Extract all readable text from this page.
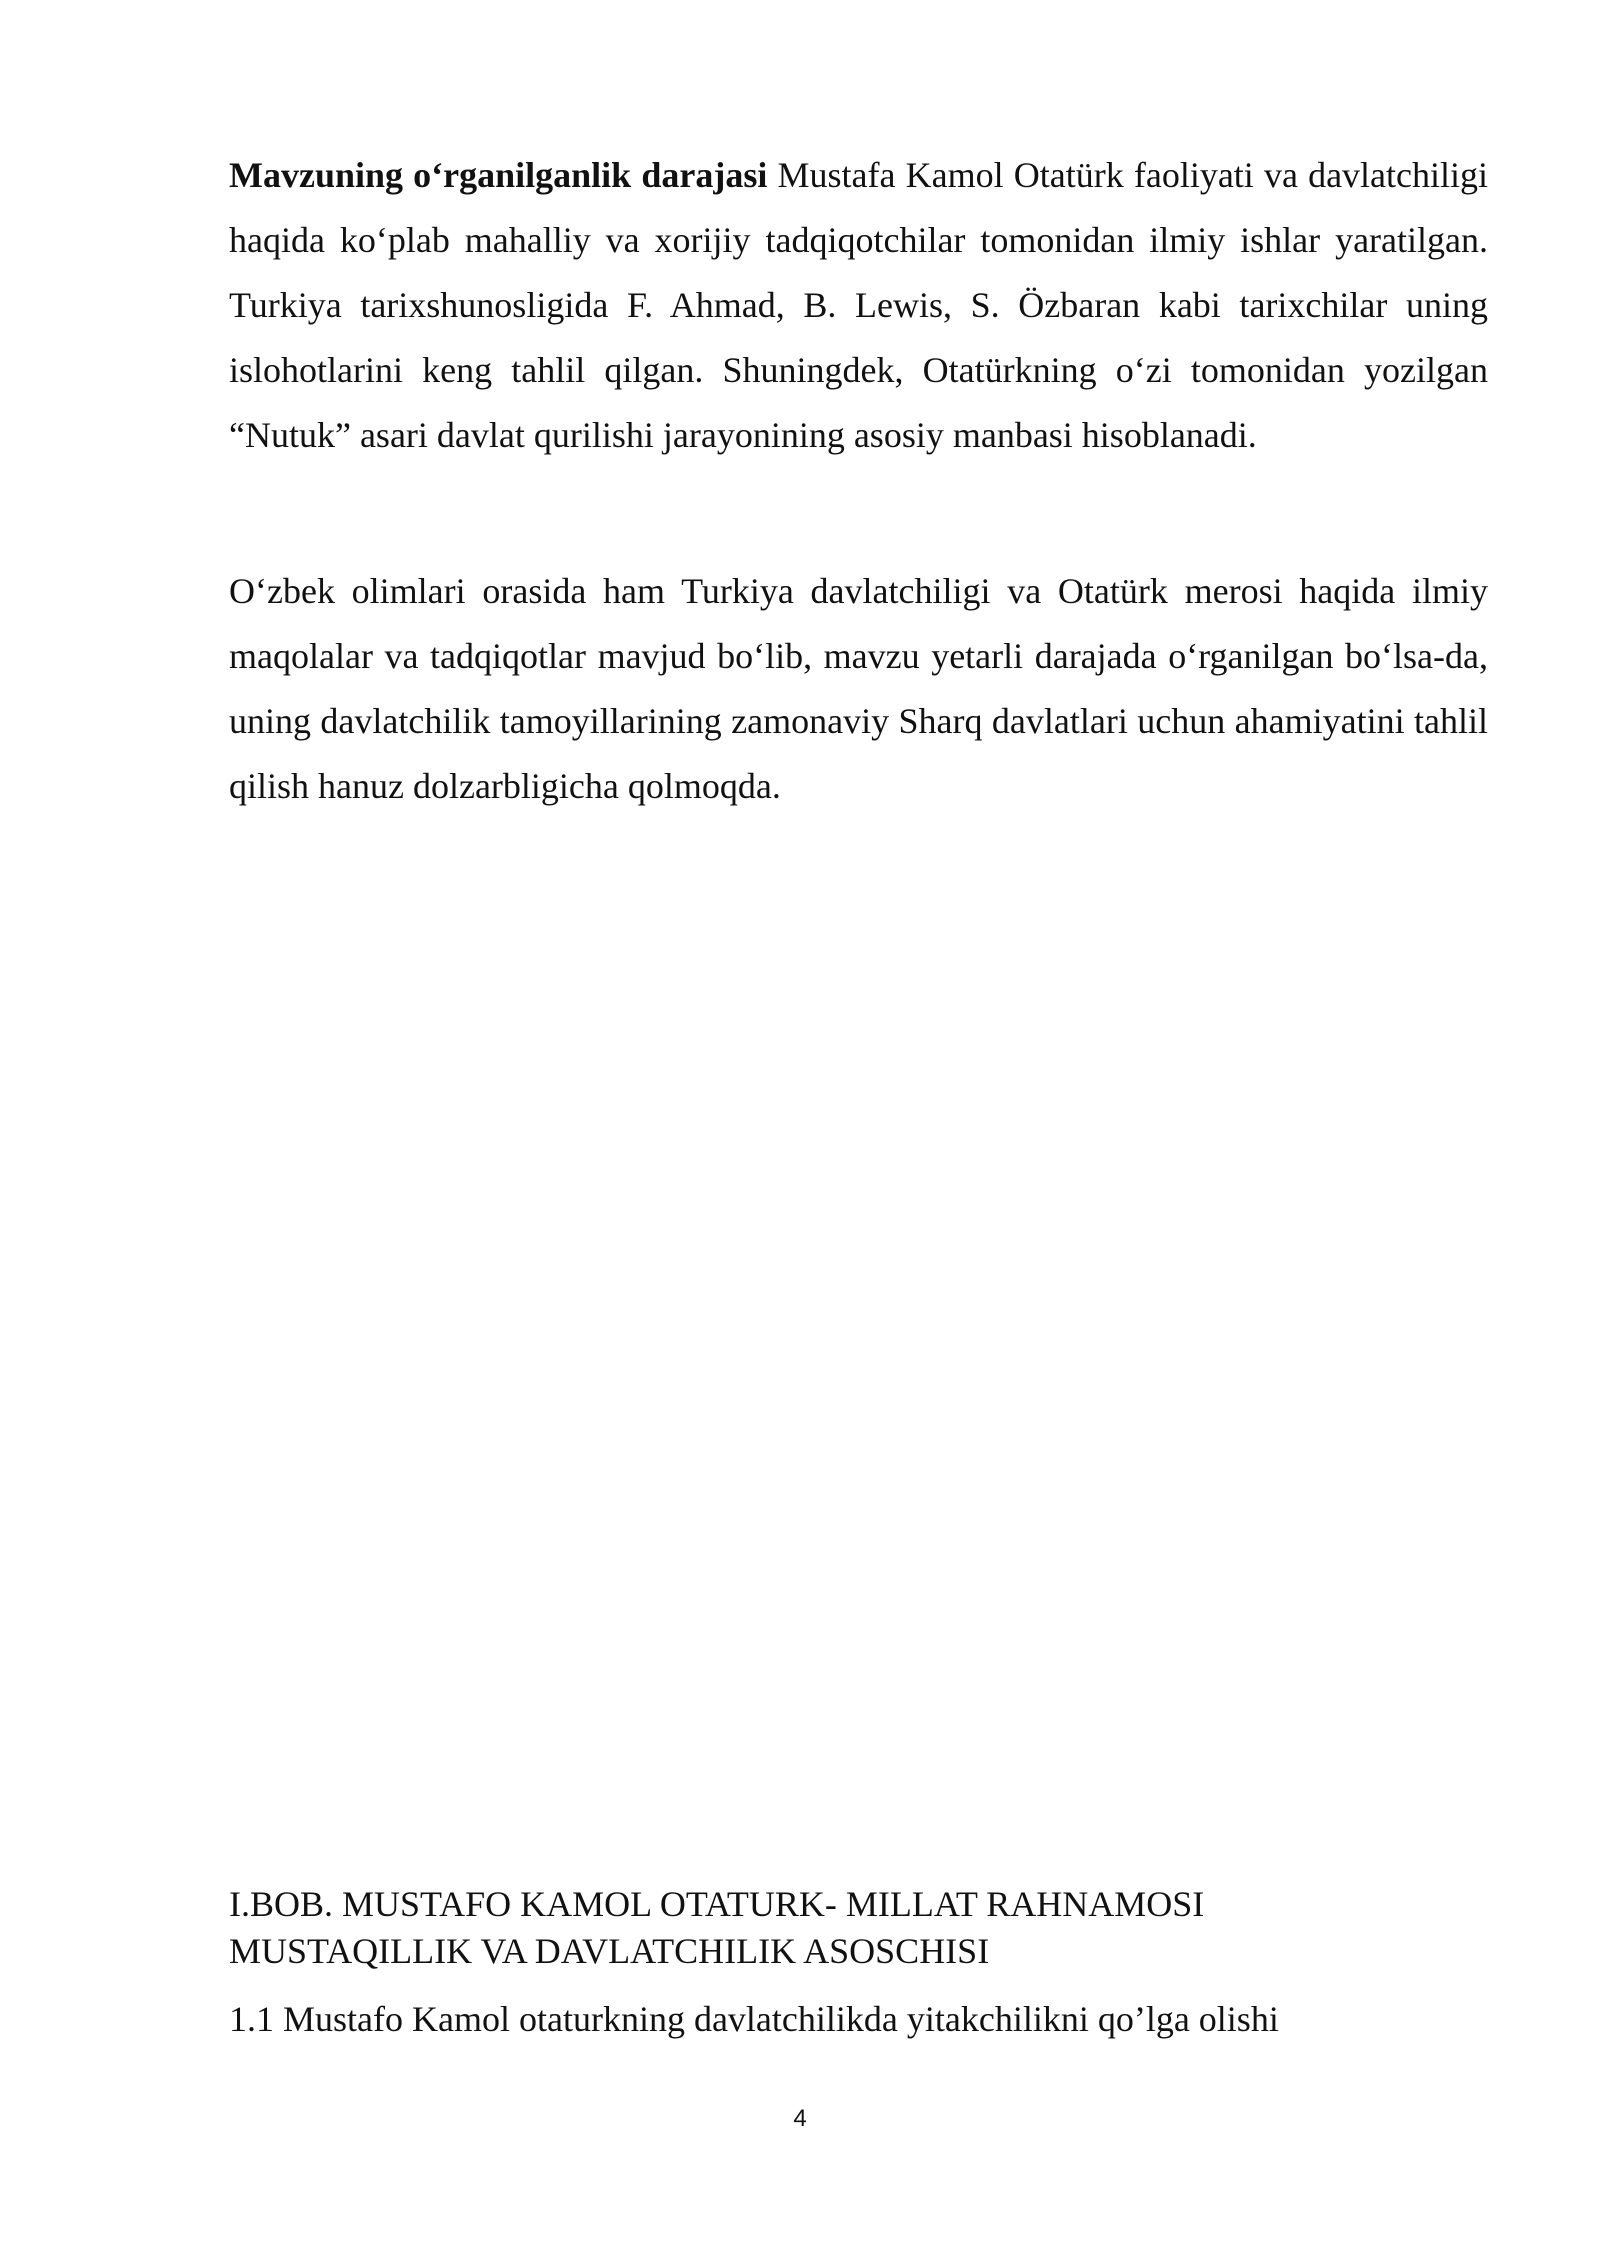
Mavzuning o‘rganilganlik darajasi Mustafa Kamol Otatürk faoliyati va davlatchiligi haqida ko‘plab mahalliy va xorijiy tadqiqotchilar tomonidan ilmiy ishlar yaratilgan. Turkiya tarixshunosligida F. Ahmad, B. Lewis, S. Özbaran kabi tarixchilar uning islohotlarini keng tahlil qilgan. Shuningdek, Otatürkning o‘zi tomonidan yozilgan “Nutuk” asari davlat qurilishi jarayonining asosiy manbasi hisoblanadi.

O‘zbek olimlari orasida ham Turkiya davlatchiligi va Otatürk merosi haqida ilmiy maqolalar va tadqiqotlar mavjud bo‘lib, mavzu yetarli darajada o‘rganilgan bo‘lsa-da, uning davlatchilik tamoyillarining zamonaviy Sharq davlatlari uchun ahamiyatini tahlil qilish hanuz dolzarbligicha qolmoqda.

I.BOB. MUSTAFO KAMOL OTATURK- MILLAT RAHNAMOSI
MUSTAQILLIK VA DAVLATCHILIK ASOSCHISI
1.1 Mustafo Kamol otaturkning davlatchilikda yitakchilikni qo’lga olishi
4
